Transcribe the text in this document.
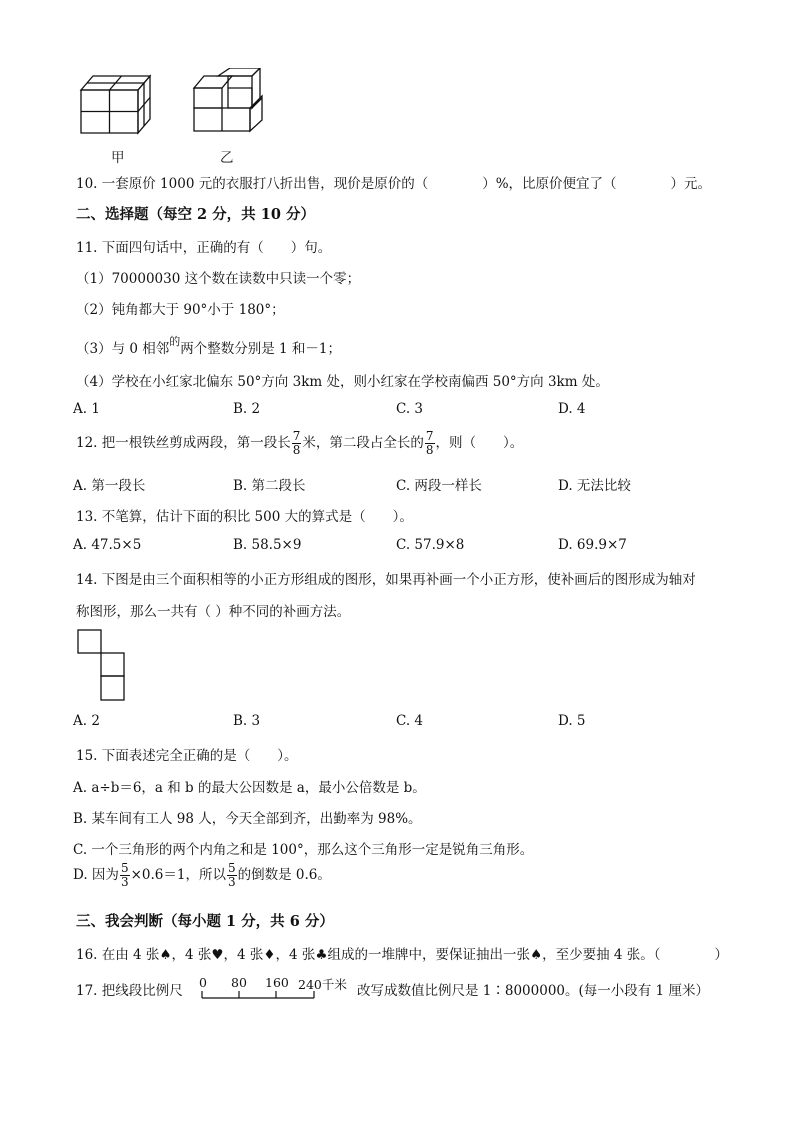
甲	乙
10. 一套原价 1000 元的衣服打八折出售，现价是原价的（　　　　）%，比原价便宜了（　　　　）元。
二、选择题（每空 2 分，共 10 分）
11. 下面四句话中，正确的有（　　）句。
（1）70000030 这个数在读数中只读一个零；
（2）钝角都大于 90°小于 180°；
（3）与 0 相邻$^的$两个整数分别是 1 和－1；
（4）学校在小红家北偏东 50°方向 3km 处，则小红家在学校南偏西 50°方向 3km 处。
A. 1	B. 2	C. 3	D. 4
12. 把一根铁丝剪成两段，第一段长 $\frac{7}{8}$ 米，第二段占全长的 $\frac{7}{8}$ ，则（　　）。
A. 第一段长	B. 第二段长	C. 两段一样长	D. 无法比较
13. 不笔算，估计下面的积比 500 大的算式是（　　）。
A. 47.5×5	B. 58.5×9	C. 57.9×8	D. 69.9×7
14. 下图是由三个面积相等的小正方形组成的图形，如果再补画一个小正方形，使补画后的图形成为轴对
称图形，那么一共有（ ）种不同的补画方法。
A. 2	B. 3	C. 4	D. 5
15. 下面表述完全正确的是（　　）。
A. a÷b＝6，a 和 b 的最大公因数是 a，最小公倍数是 b。
B. 某车间有工人 98 人，今天全部到齐，出勤率为 98%。
C. 一个三角形的两个内角之和是 100°，那么这个三角形一定是锐角三角形。
D. 因为 $\frac{5}{3} \times 0.6=1$，所以 $\frac{5}{3}$ 的倒数是 0.6。
三、我会判断（每小题 1 分，共 6 分）
16. 在由 4 张♠，4 张♥，4 张♦，4 张♣组成的一堆牌中，要保证抽出一张♠，至少要抽 4 张。（　　　　）
17. 把线段比例尺
0 80 160 240千米 改写成数值比例尺是 1∶8000000。(每一小段有 1 厘米）
